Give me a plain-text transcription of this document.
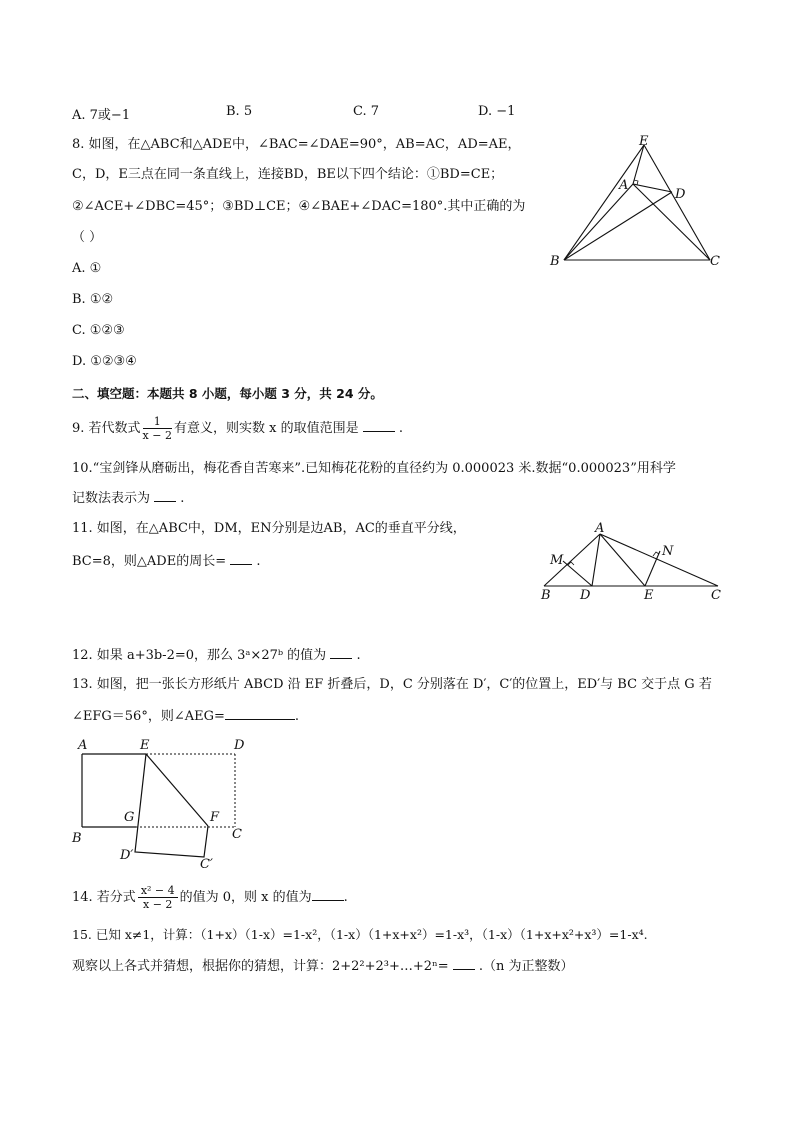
A. 7或−1	B. 5	C. 7	D. −1
8. 如图，在△ABC和△ADE中，∠BAC=∠DAE=90°，AB=AC，AD=AE，
C，D，E三点在同一条直线上，连接BD，BE以下四个结论：①BD=CE；
②∠ACE+∠DBC=45°；③BD⊥CE；④∠BAE+∠DAC=180°.其中正确的为
（ ）
A. ①
B. ①②
C. ①②③
D. ①②③④
E
A
D
B	C
二、填空题：本题共 8 小题，每小题 3 分，共 24 分。
9. 若代数式 $\frac{1}{x - 2}$ 有意义，则实数 x 的取值范围是	.
10.“宝剑锋从磨砺出，梅花香自苦寒来”.已知梅花花粉的直径约为 0.000023 米.数据“0.000023”用科学
记数法表示为 .
11. 如图，在△ABC中，DM，EN分别是边AB，AC的垂直平分线，
BC=8，则△ADE的周长= .
A
M
N
B D	E	C
12. 如果 a+3b-2=0，那么 3ᵃ×27ᵇ 的值为 .
13. 如图，把一张长方形纸片 ABCD 沿 EF 折叠后，D，C 分别落在 D′，C′的位置上，ED′与 BC 交于点 G 若
∠EFG＝56°，则∠AEG=	.
A	E	D
B
G	F
C
D′
C′
14. 若分式 $\frac{\text{x² − 4}}{x - 2}$ 的值为 0，则 x 的值为 .
15. 已知 x≠1，计算：（1+x）（1-x）=1-x²，（1-x）（1+x+x²）=1-x³，（1-x）（1+x+x²+x³）=1-x⁴.
观察以上各式并猜想，根据你的猜想，计算：2+2²+2³+…+2ⁿ= .（n 为正整数）
